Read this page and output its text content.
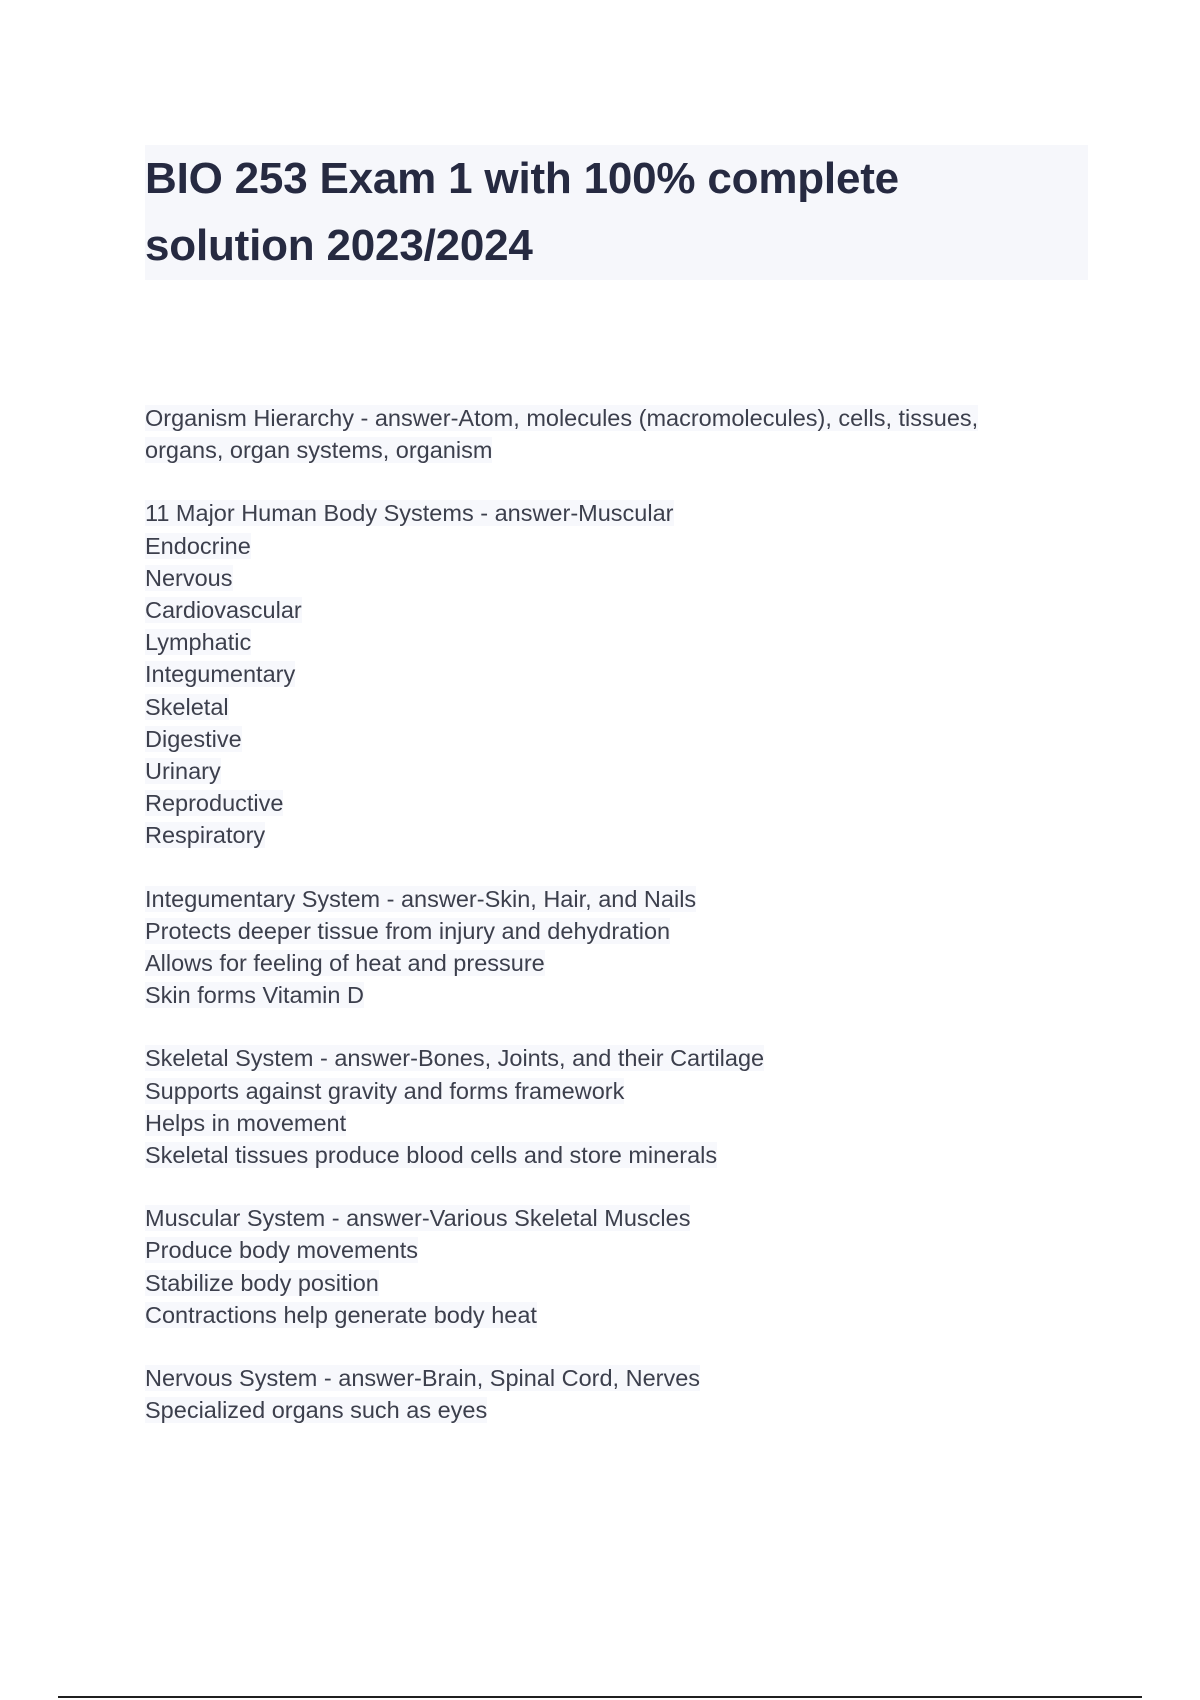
BIO 253 Exam 1 with 100% complete
solution 2023/2024
Organism Hierarchy - answer-Atom, molecules (macromolecules), cells, tissues,
organs, organ systems, organism
11 Major Human Body Systems - answer-Muscular
Endocrine
Nervous
Cardiovascular
Lymphatic
Integumentary
Skeletal
Digestive
Urinary
Reproductive
Respiratory
Integumentary System - answer-Skin, Hair, and Nails
Protects deeper tissue from injury and dehydration
Allows for feeling of heat and pressure
Skin forms Vitamin D
Skeletal System - answer-Bones, Joints, and their Cartilage
Supports against gravity and forms framework
Helps in movement
Skeletal tissues produce blood cells and store minerals
Muscular System - answer-Various Skeletal Muscles
Produce body movements
Stabilize body position
Contractions help generate body heat
Nervous System - answer-Brain, Spinal Cord, Nerves
Specialized organs such as eyes
